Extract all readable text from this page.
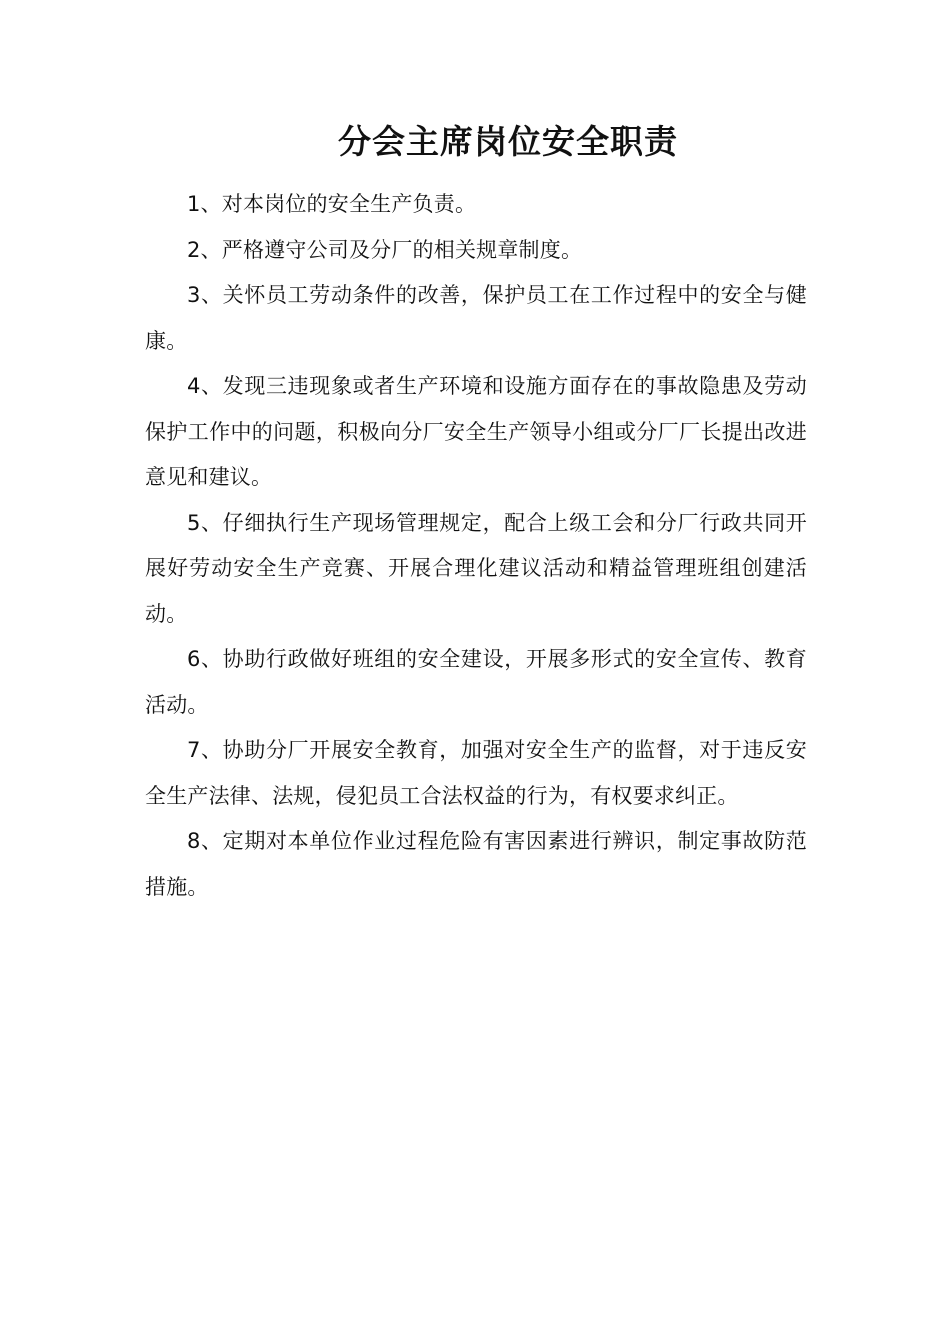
分会主席岗位安全职责

1、对本岗位的安全生产负责。

2、严格遵守公司及分厂的相关规章制度。

3、关怀员工劳动条件的改善，保护员工在工作过程中的安全与健康。

4、发现三违现象或者生产环境和设施方面存在的事故隐患及劳动保护工作中的问题，积极向分厂安全生产领导小组或分厂厂长提出改进意见和建议。

5、仔细执行生产现场管理规定，配合上级工会和分厂行政共同开展好劳动安全生产竞赛、开展合理化建议活动和精益管理班组创建活动。

6、协助行政做好班组的安全建设，开展多形式的安全宣传、教育活动。

7、协助分厂开展安全教育，加强对安全生产的监督，对于违反安全生产法律、法规，侵犯员工合法权益的行为，有权要求纠正。

8、定期对本单位作业过程危险有害因素进行辨识，制定事故防范措施。
